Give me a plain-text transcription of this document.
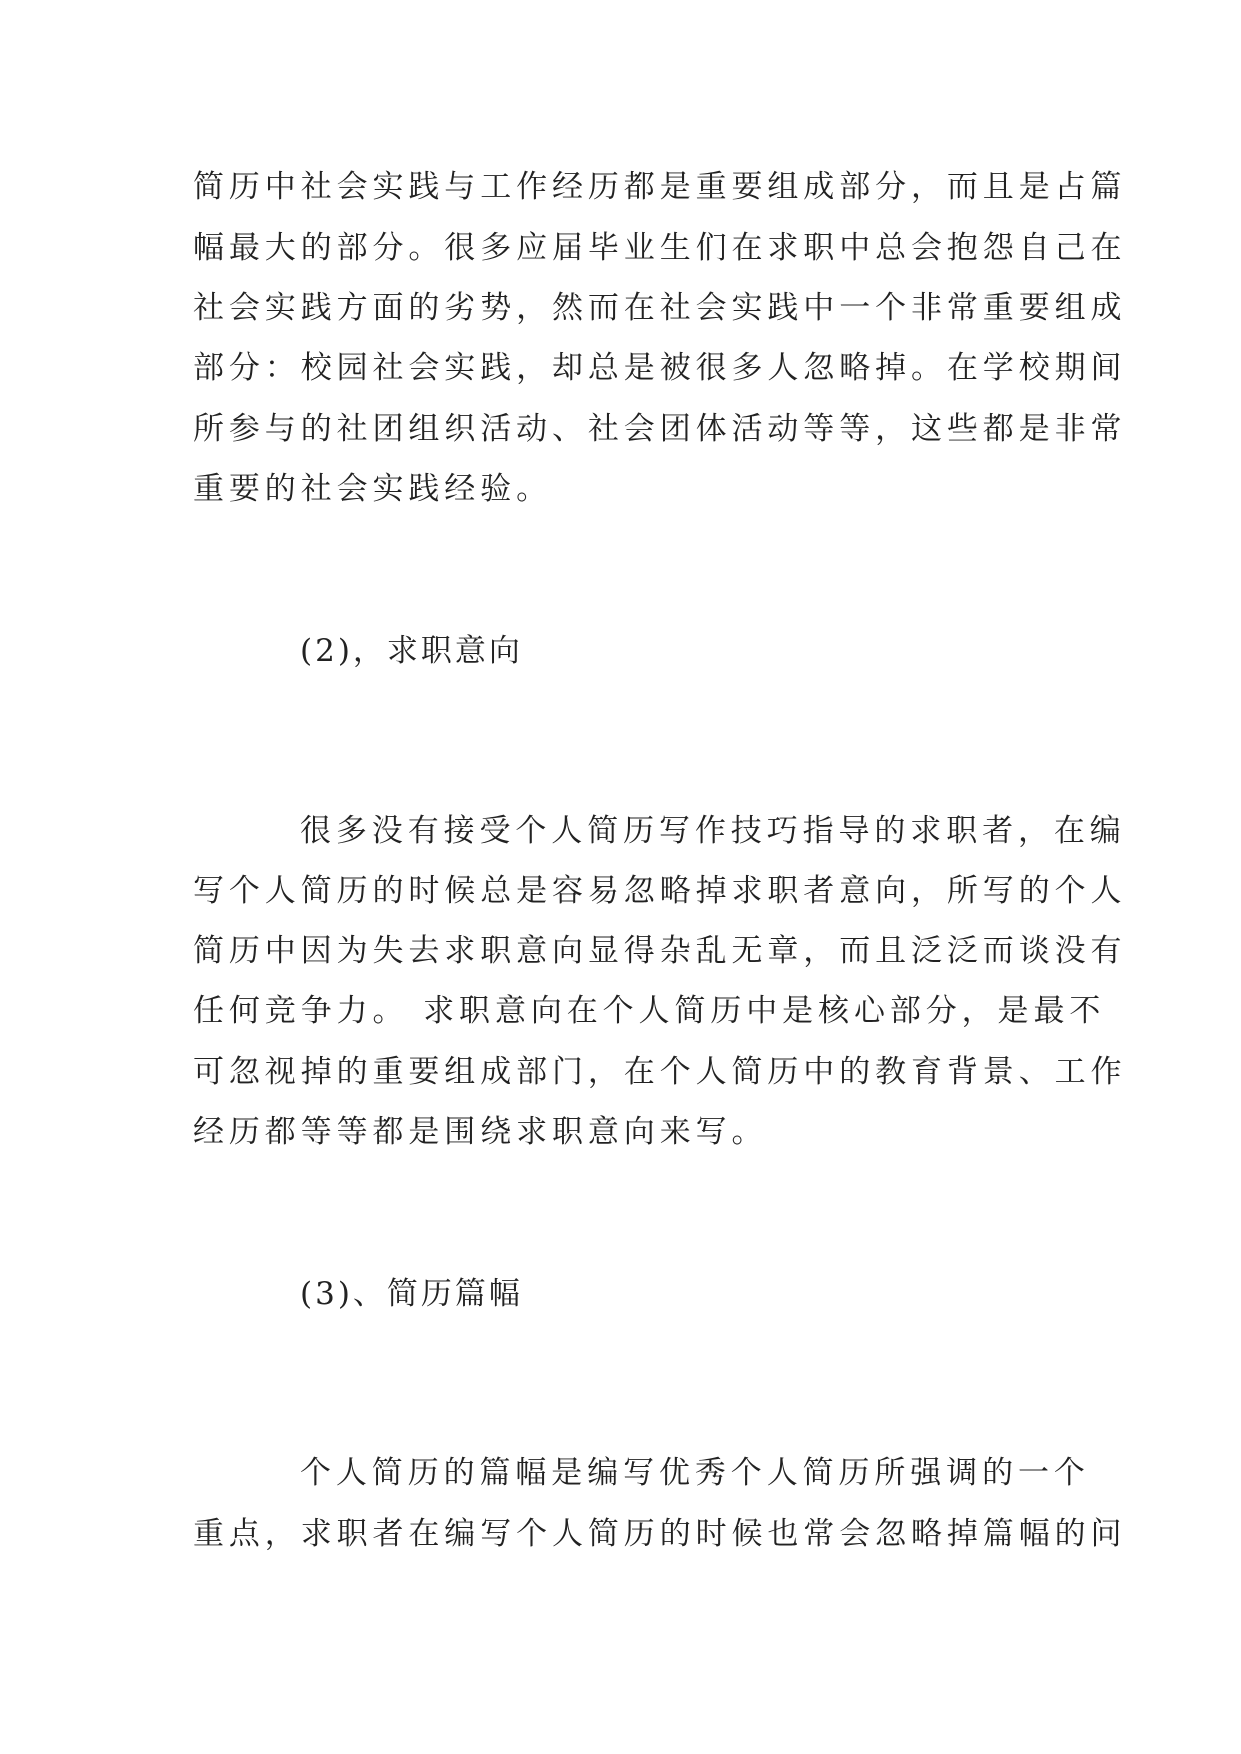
简历中社会实践与工作经历都是重要组成部分，而且是占篇
幅最大的部分。很多应届毕业生们在求职中总会抱怨自己在
社会实践方面的劣势，然而在社会实践中一个非常重要组成
部分：校园社会实践，却总是被很多人忽略掉。在学校期间
所参与的社团组织活动、社会团体活动等等，这些都是非常
重要的社会实践经验。
(2)，求职意向
很多没有接受个人简历写作技巧指导的求职者，在编
写个人简历的时候总是容易忽略掉求职者意向，所写的个人
简历中因为失去求职意向显得杂乱无章，而且泛泛而谈没有
任何竞争力。 求职意向在个人简历中是核心部分，是最不
可忽视掉的重要组成部门，在个人简历中的教育背景、工作
经历都等等都是围绕求职意向来写。
(3)、简历篇幅
个人简历的篇幅是编写优秀个人简历所强调的一个
重点，求职者在编写个人简历的时候也常会忽略掉篇幅的问
